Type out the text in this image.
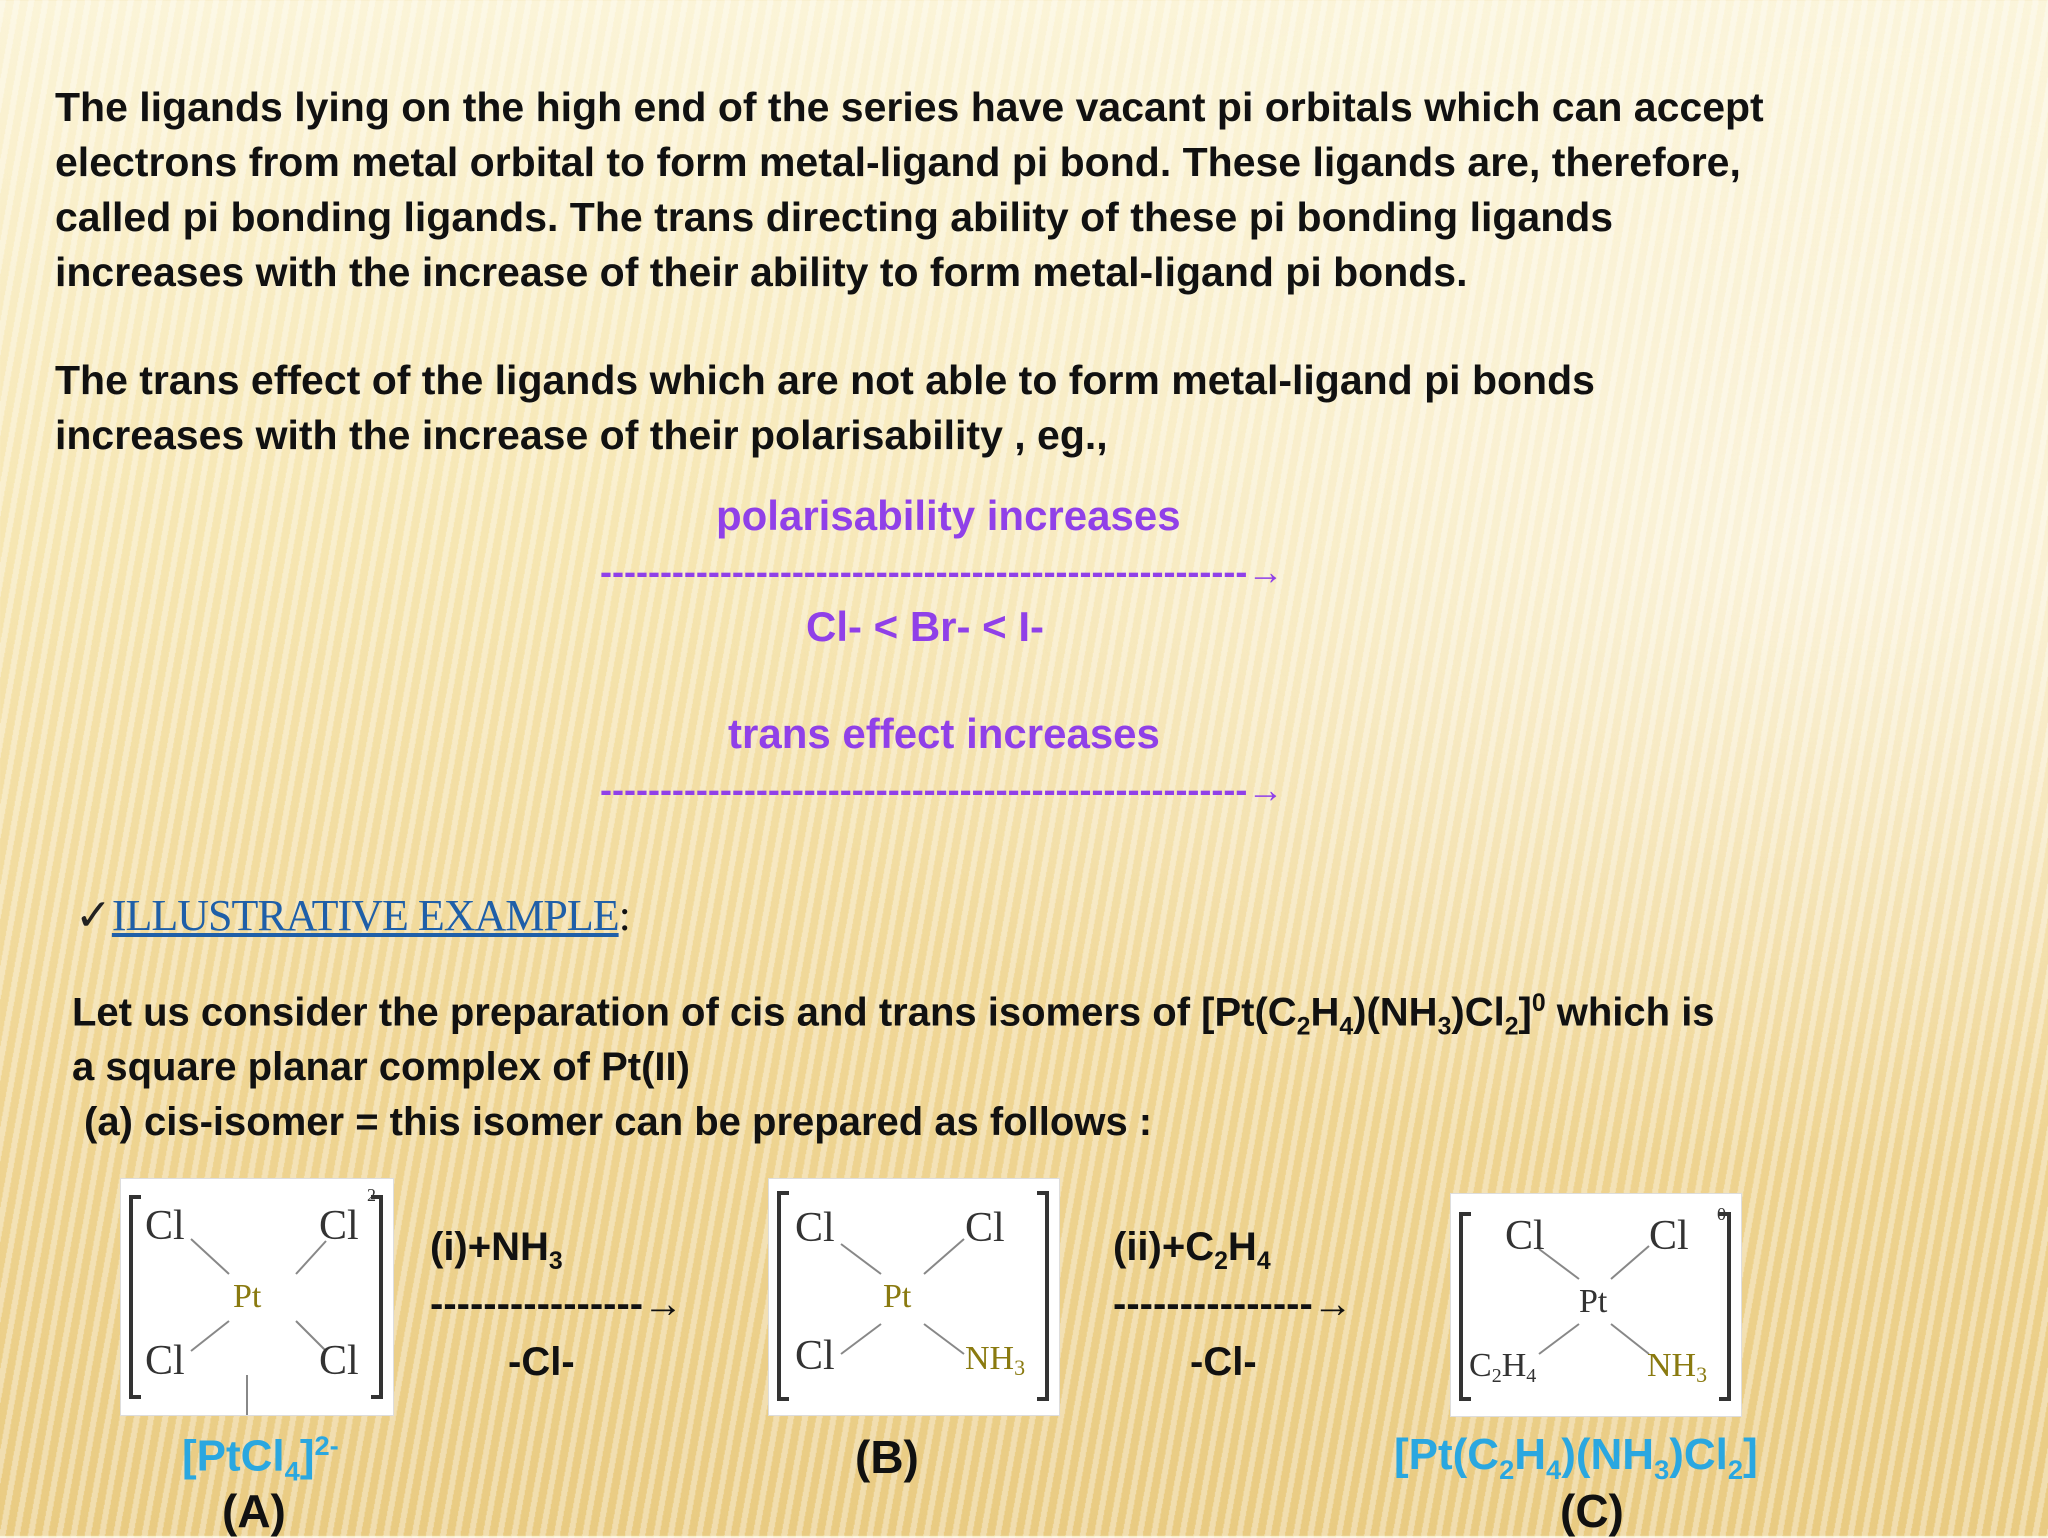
The ligands lying on the high end of the series have vacant pi orbitals which can accept
electrons from metal orbital to form metal-ligand pi bond. These ligands are, therefore,
called pi bonding ligands. The trans directing ability of these pi bonding ligands
increases with the increase of their ability to form metal-ligand pi bonds.
The trans effect of the ligands which are not able to form metal-ligand pi bonds
increases with the increase of their polarisability , eg.,
polarisability increases
------------------------------------------------------→
Cl- < Br- < I-
trans effect increases
------------------------------------------------------→
✓ILLUSTRATIVE EXAMPLE:
Let us consider the preparation of cis and trans isomers of $[Pt(C_2H_4)(NH_3)Cl_2]^0$ which is
a square planar complex of Pt(II)
(a) cis-isomer = this isomer can be prepared as follows :
Cl	Cl
Pt
Cl	Cl
2-
$(i)+NH_3$
----------------→
-Cl-
Cl	Cl
Pt
Cl	NH3
$(ii)+C_2H_4$
---------------→
-Cl-
Cl Cl
Pt
C2H4	NH3
0
[PtCl$_4$]$^{2-}$
(A)
(B)	$[Pt(C_2H_4)(NH_3)Cl_2]$
(C)
